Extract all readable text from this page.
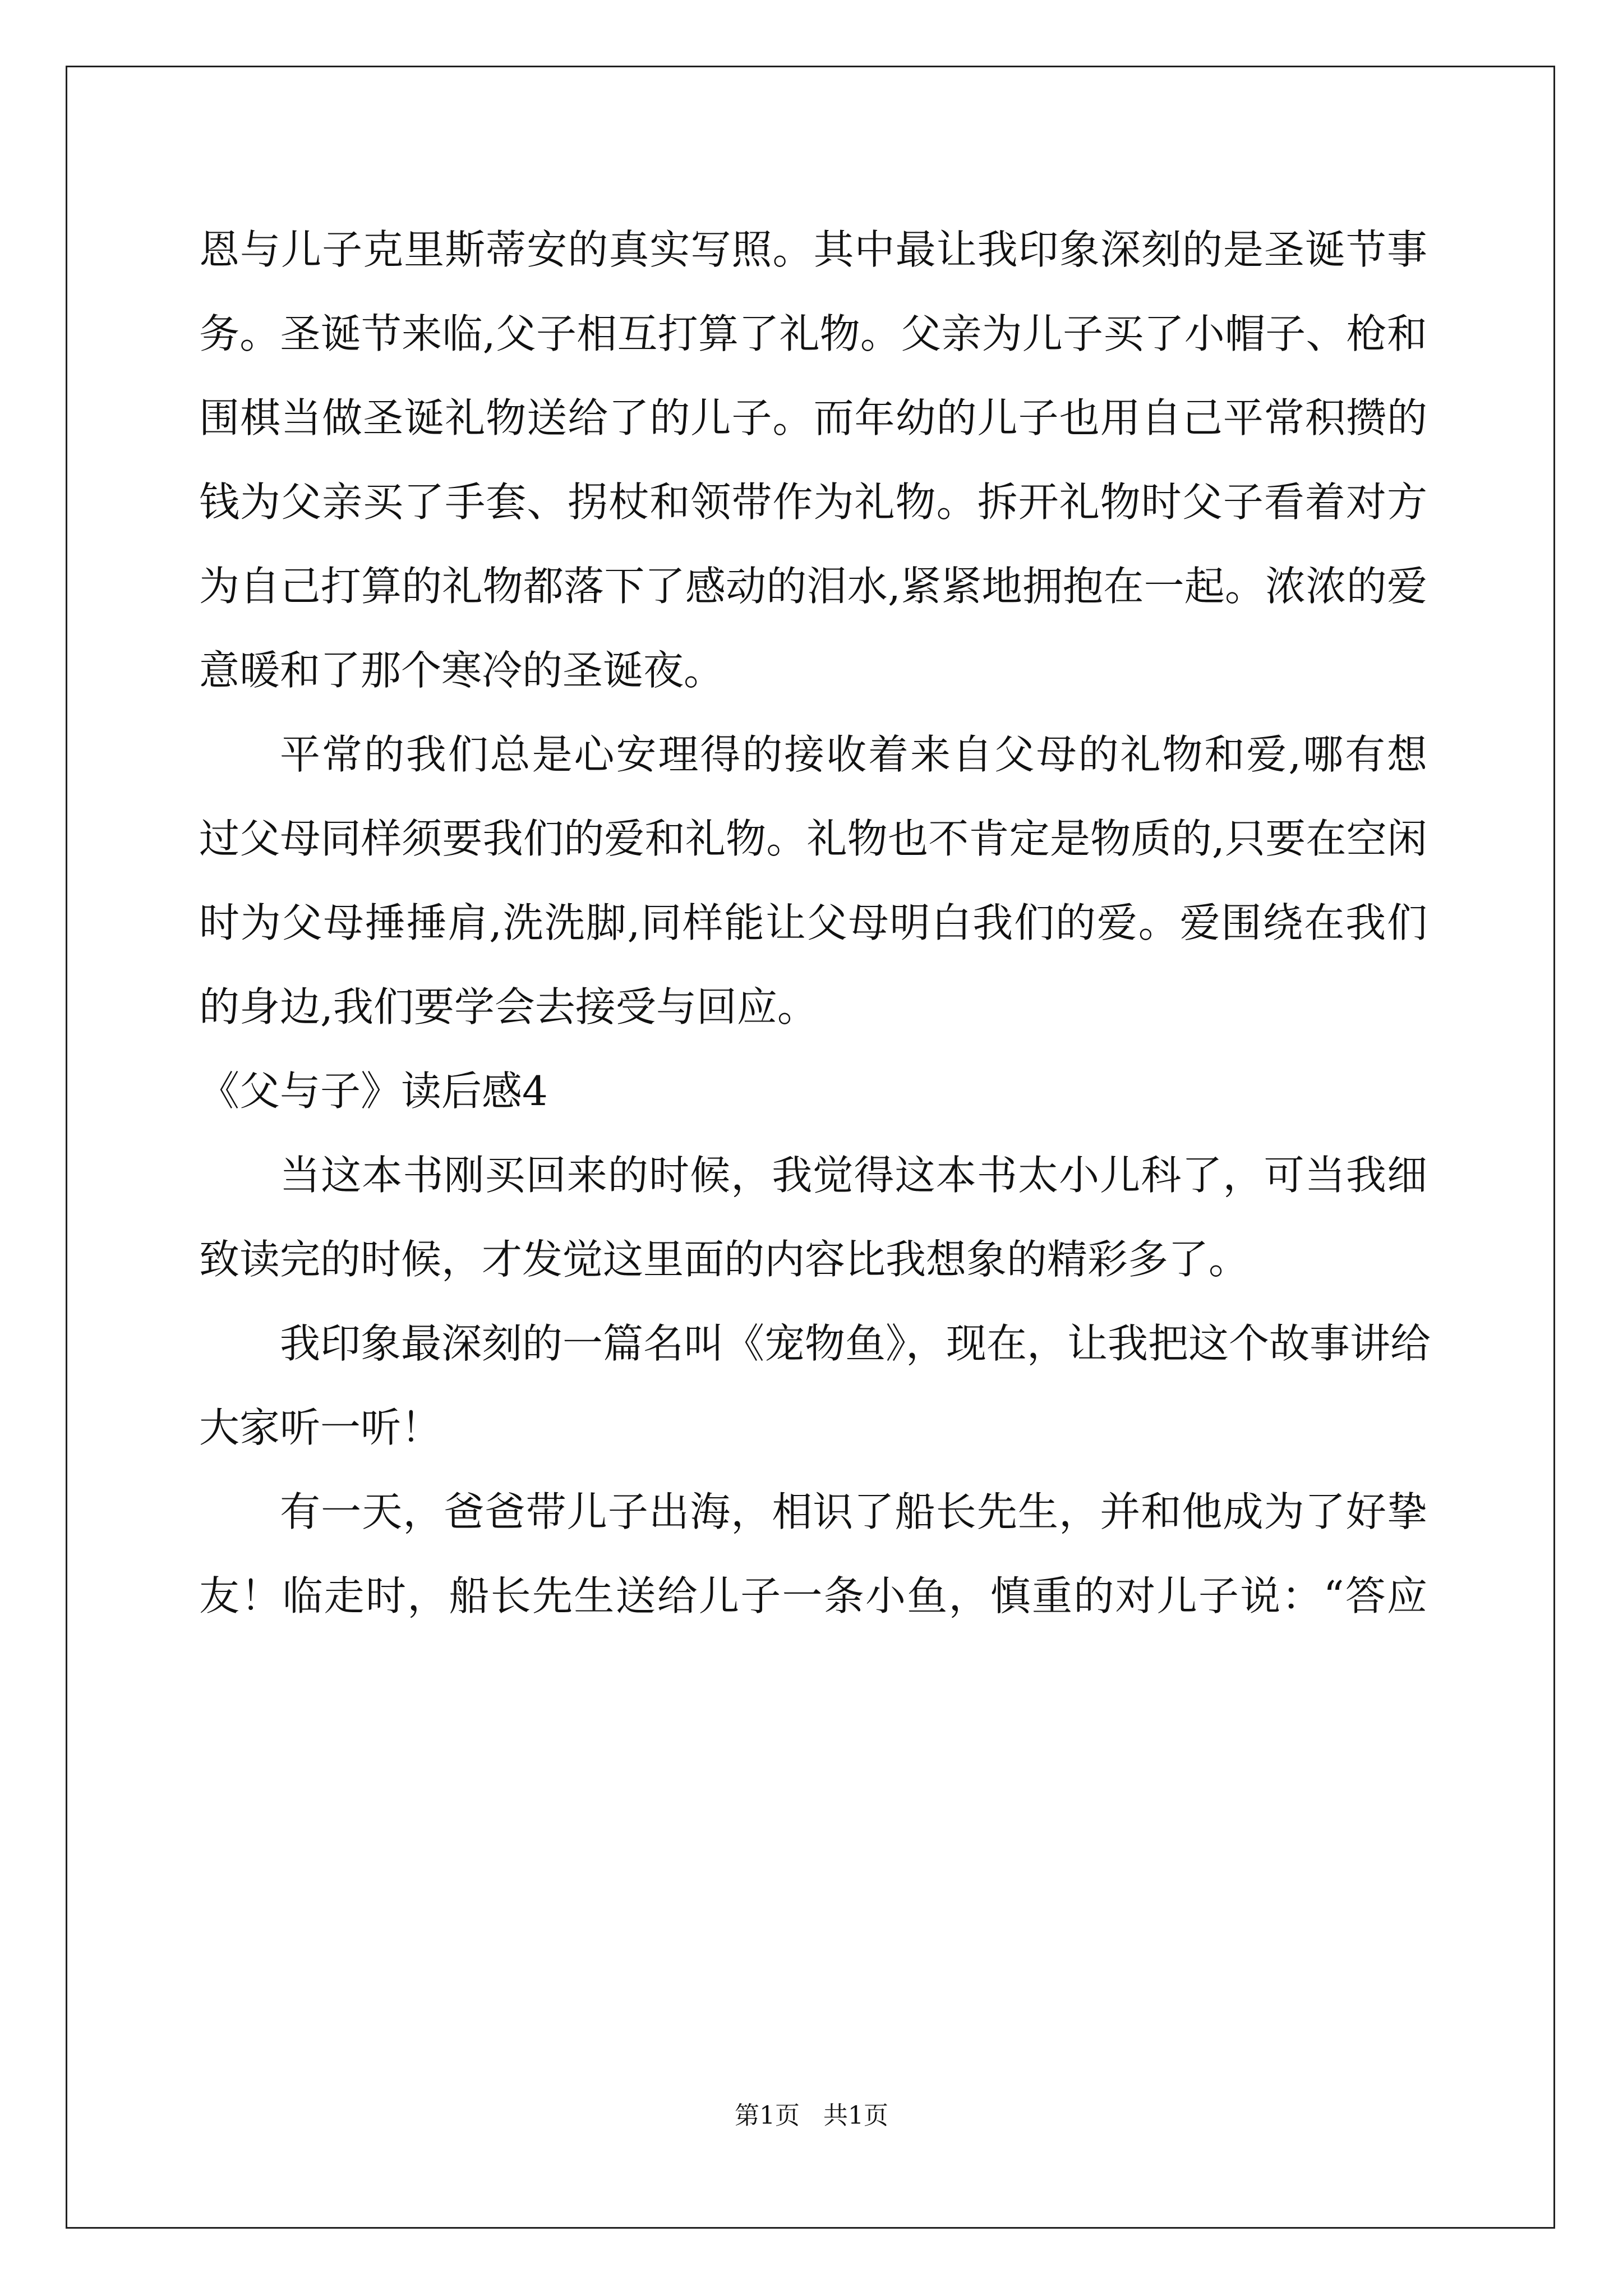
恩与儿子克里斯蒂安的真实写照。其中最让我印象深刻的是圣诞节事
务。圣诞节来临,父子相互打算了礼物。父亲为儿子买了小帽子、枪和
围棋当做圣诞礼物送给了的儿子。而年幼的儿子也用自己平常积攒的
钱为父亲买了手套、拐杖和领带作为礼物。拆开礼物时父子看着对方
为自己打算的礼物都落下了感动的泪水,紧紧地拥抱在一起。浓浓的爱
意暖和了那个寒冷的圣诞夜。
平常的我们总是心安理得的接收着来自父母的礼物和爱,哪有想
过父母同样须要我们的爱和礼物。礼物也不肯定是物质的,只要在空闲
时为父母捶捶肩,洗洗脚,同样能让父母明白我们的爱。爱围绕在我们
的身边,我们要学会去接受与回应。
《父与子》读后感4
当这本书刚买回来的时候，我觉得这本书太小儿科了，可当我细
致读完的时候，才发觉这里面的内容比我想象的精彩多了。
我印象最深刻的一篇名叫《宠物鱼》，现在，让我把这个故事讲给
大家听一听！
有一天，爸爸带儿子出海，相识了船长先生，并和他成为了好挚
友！临走时，船长先生送给儿子一条小鱼，慎重的对儿子说：“答应
第1页 共1页
